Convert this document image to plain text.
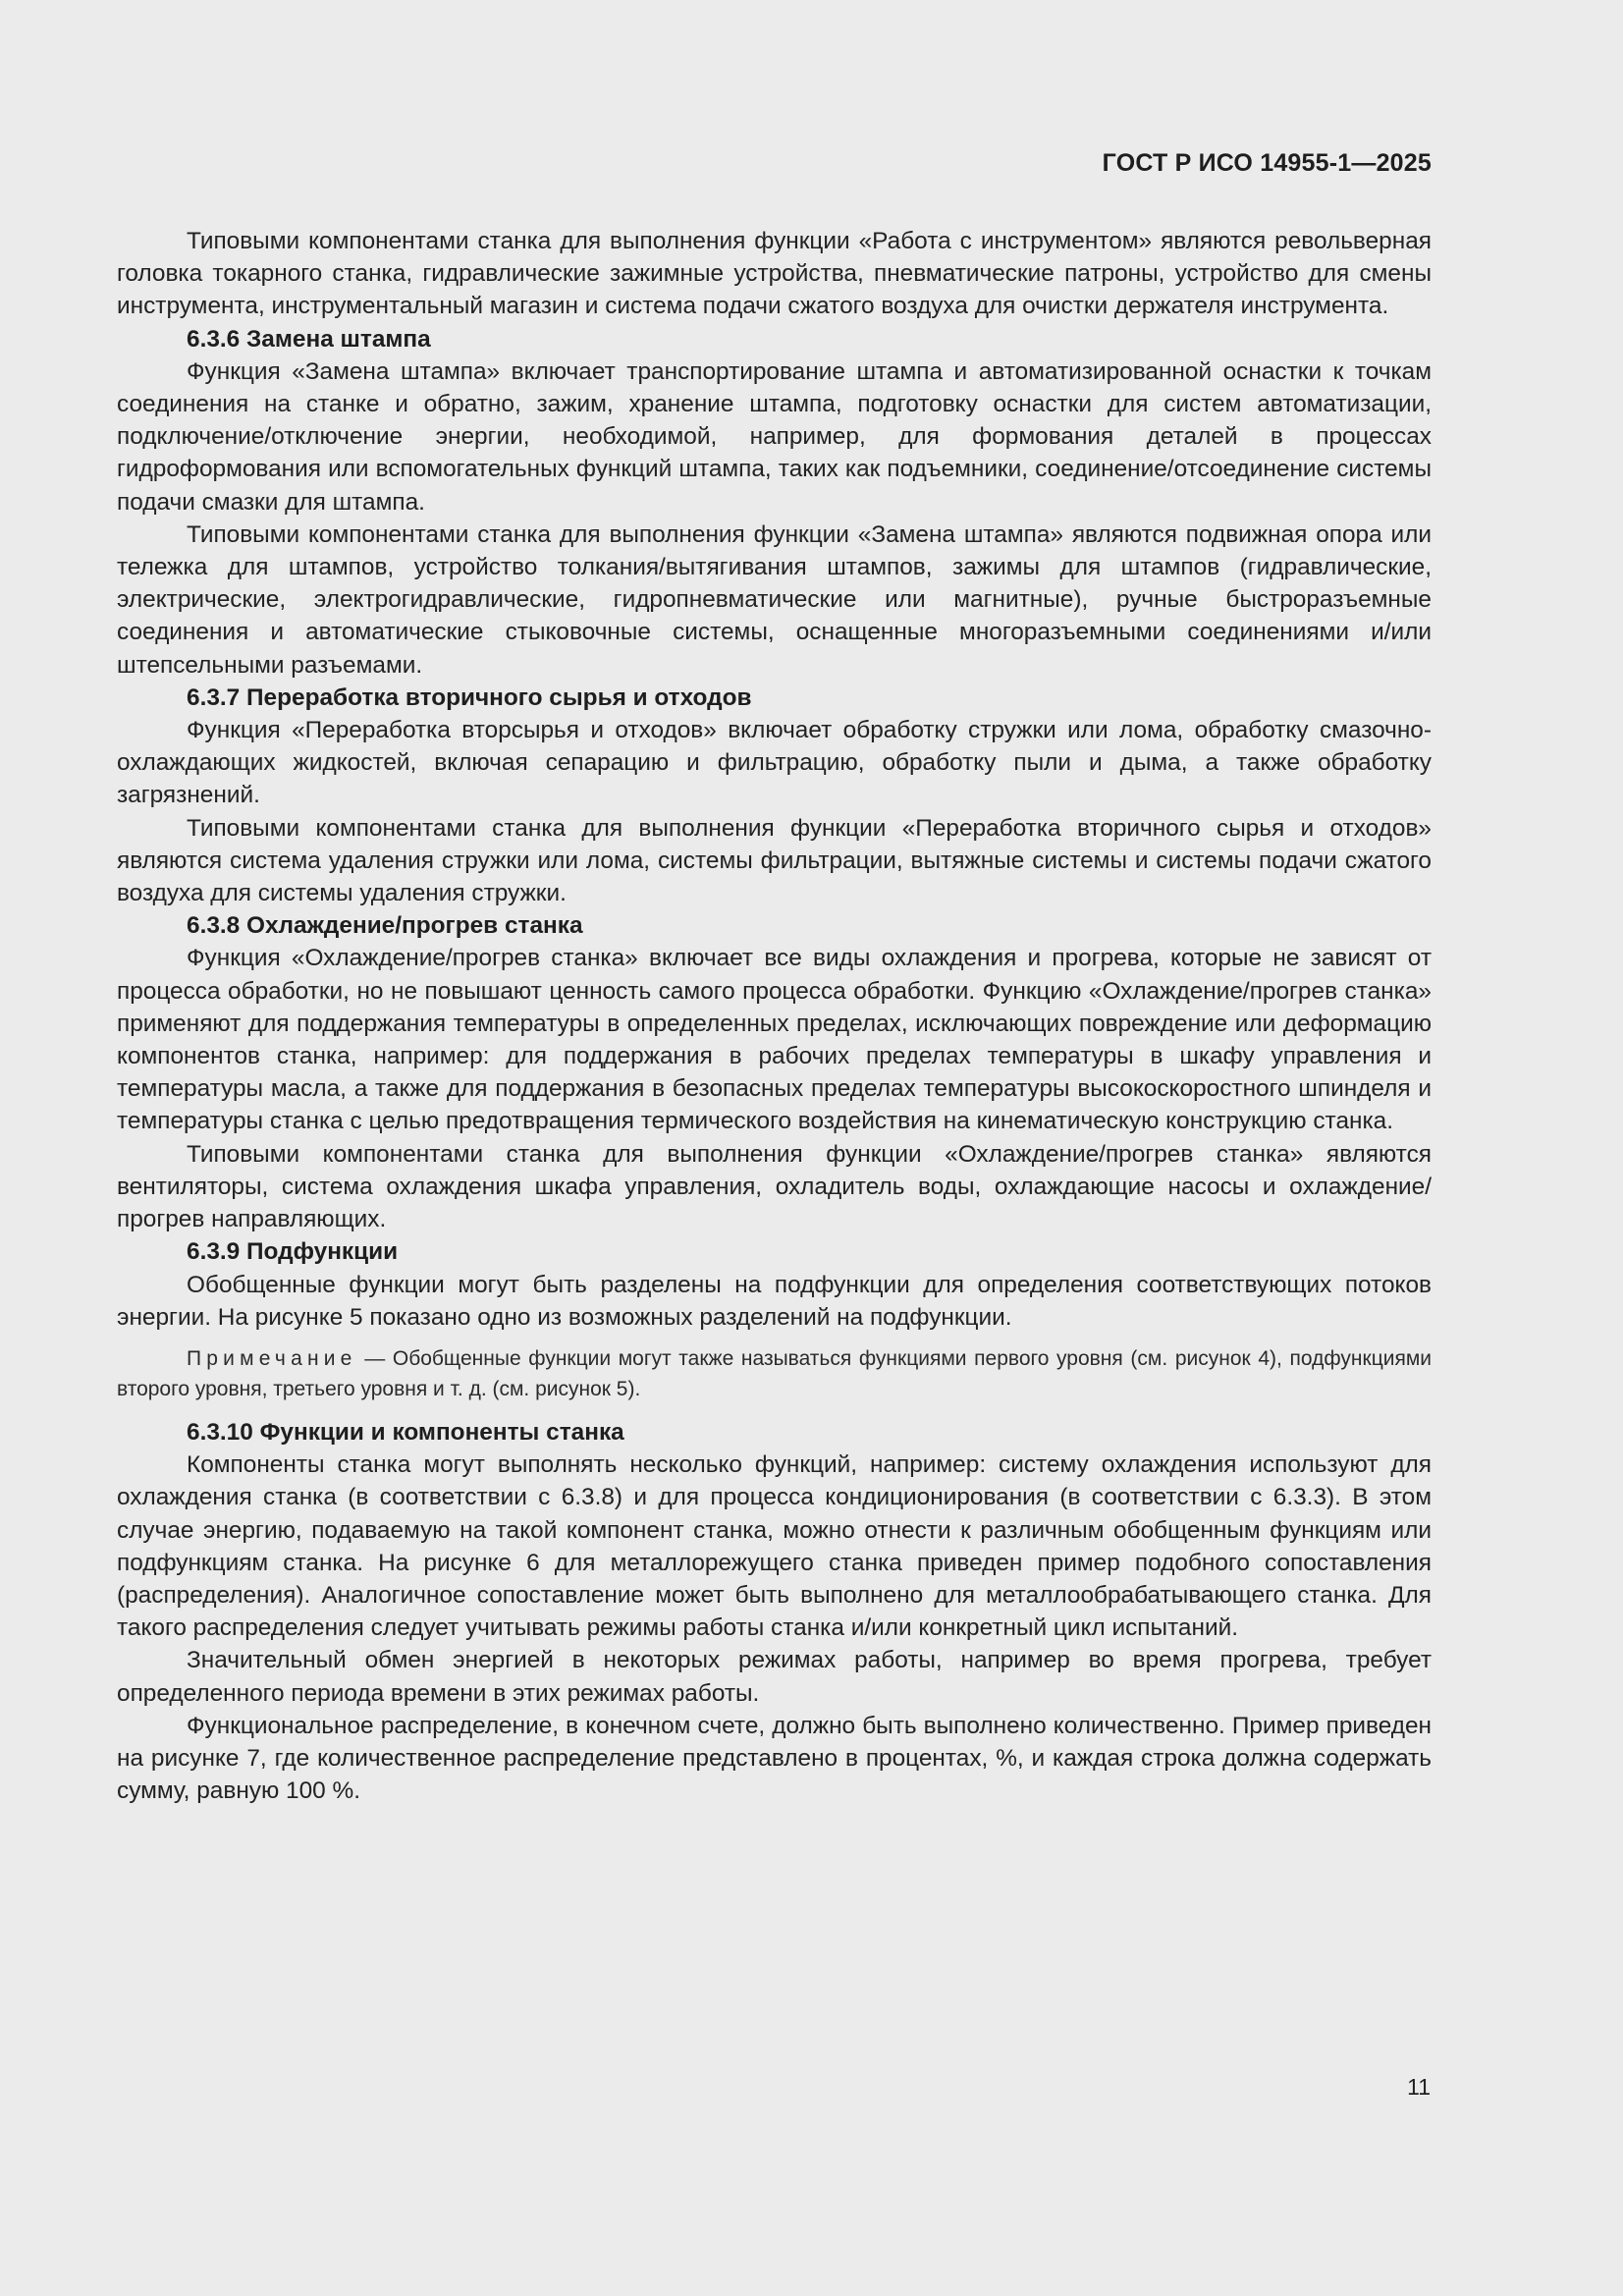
ГОСТ Р ИСО 14955-1—2025

Типовыми компонентами станка для выполнения функции «Работа с инструментом» являются револьверная головка токарного станка, гидравлические зажимные устройства, пневматические патроны, устройство для смены инструмента, инструментальный магазин и система подачи сжатого воздуха для очистки держателя инструмента.

6.3.6 Замена штампа

Функция «Замена штампа» включает транспортирование штампа и автоматизированной оснастки к точкам соединения на станке и обратно, зажим, хранение штампа, подготовку оснастки для систем автоматизации, подключение/отключение энергии, необходимой, например, для формования деталей в процессах гидроформования или вспомогательных функций штампа, таких как подъемники, соединение/отсоединение системы подачи смазки для штампа.

Типовыми компонентами станка для выполнения функции «Замена штампа» являются подвижная опора или тележка для штампов, устройство толкания/вытягивания штампов, зажимы для штампов (гидравлические, электрические, электрогидравлические, гидропневматические или магнитные), ручные быстроразъемные соединения и автоматические стыковочные системы, оснащенные многоразъемными соединениями и/или штепсельными разъемами.

6.3.7 Переработка вторичного сырья и отходов

Функция «Переработка вторсырья и отходов» включает обработку стружки или лома, обработку смазочно-охлаждающих жидкостей, включая сепарацию и фильтрацию, обработку пыли и дыма, а также обработку загрязнений.

Типовыми компонентами станка для выполнения функции «Переработка вторичного сырья и отходов» являются система удаления стружки или лома, системы фильтрации, вытяжные системы и системы подачи сжатого воздуха для системы удаления стружки.

6.3.8 Охлаждение/прогрев станка

Функция «Охлаждение/прогрев станка» включает все виды охлаждения и прогрева, которые не зависят от процесса обработки, но не повышают ценность самого процесса обработки. Функцию «Охлаждение/прогрев станка» применяют для поддержания температуры в определенных пределах, исключающих повреждение или деформацию компонентов станка, например: для поддержания в рабочих пределах температуры в шкафу управления и температуры масла, а также для поддержания в безопасных пределах температуры высокоскоростного шпинделя и температуры станка с целью предотвращения термического воздействия на кинематическую конструкцию станка.

Типовыми компонентами станка для выполнения функции «Охлаждение/прогрев станка» являются вентиляторы, система охлаждения шкафа управления, охладитель воды, охлаждающие насосы и охлаждение/прогрев направляющих.

6.3.9 Подфункции

Обобщенные функции могут быть разделены на подфункции для определения соответствующих потоков энергии. На рисунке 5 показано одно из возможных разделений на подфункции.

Примечание — Обобщенные функции могут также называться функциями первого уровня (см. рисунок 4), подфункциями второго уровня, третьего уровня и т. д. (см. рисунок 5).

6.3.10 Функции и компоненты станка

Компоненты станка могут выполнять несколько функций, например: систему охлаждения используют для охлаждения станка (в соответствии с 6.3.8) и для процесса кондиционирования (в соответствии с 6.3.3). В этом случае энергию, подаваемую на такой компонент станка, можно отнести к различным обобщенным функциям или подфункциям станка. На рисунке 6 для металлорежущего станка приведен пример подобного сопоставления (распределения). Аналогичное сопоставление может быть выполнено для металлообрабатывающего станка. Для такого распределения следует учитывать режимы работы станка и/или конкретный цикл испытаний.

Значительный обмен энергией в некоторых режимах работы, например во время прогрева, требует определенного периода времени в этих режимах работы.

Функциональное распределение, в конечном счете, должно быть выполнено количественно. Пример приведен на рисунке 7, где количественное распределение представлено в процентах, %, и каждая строка должна содержать сумму, равную 100 %.

11
